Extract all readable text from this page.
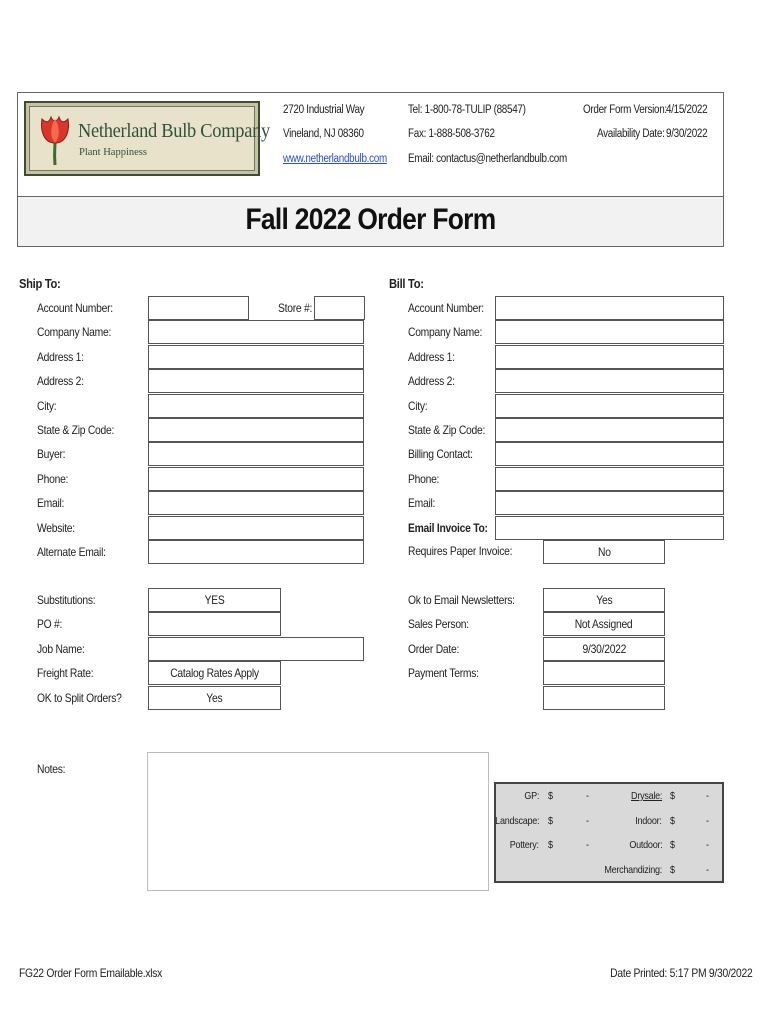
Netherland Bulb Company
Plant Happiness
2720 Industrial Way
Vineland, NJ 08360
www.netherlandbulb.com
Tel: 1-800-78-TULIP (88547)
Fax: 1-888-508-3762
Email: contactus@netherlandbulb.com
Order Form Version: 4/15/2022
Availability Date: 9/30/2022
Fall 2022 Order Form
Ship To:	Bill To:
Account Number:
Company Name:
Address 1:
Address 2:
City:
State & Zip Code:
Buyer:
Phone:
Email:
Website:
Alternate Email:
Account Number:
Company Name:
Address 1:
Address 2:
City:
State & Zip Code:
Billing Contact:
Phone:
Email:
Email Invoice To:
Store #:
Requires Paper Invoice:	No
Substitutions:	YES
PO #:
Job Name:
Freight Rate:	Catalog Rates Apply
OK to Split Orders?	Yes
Ok to Email Newsletters:	Yes
Sales Person:	Not Assigned
Order Date:	9/30/2022
Payment Terms:
Notes:
GP: $	-
Landscape: $	-
Pottery: $	-
Drysale: $	-
Indoor: $	-
Outdoor: $	-
Merchandizing: $	-
FG22 Order Form Emailable.xlsx	Date Printed: 5:17 PM 9/30/2022
